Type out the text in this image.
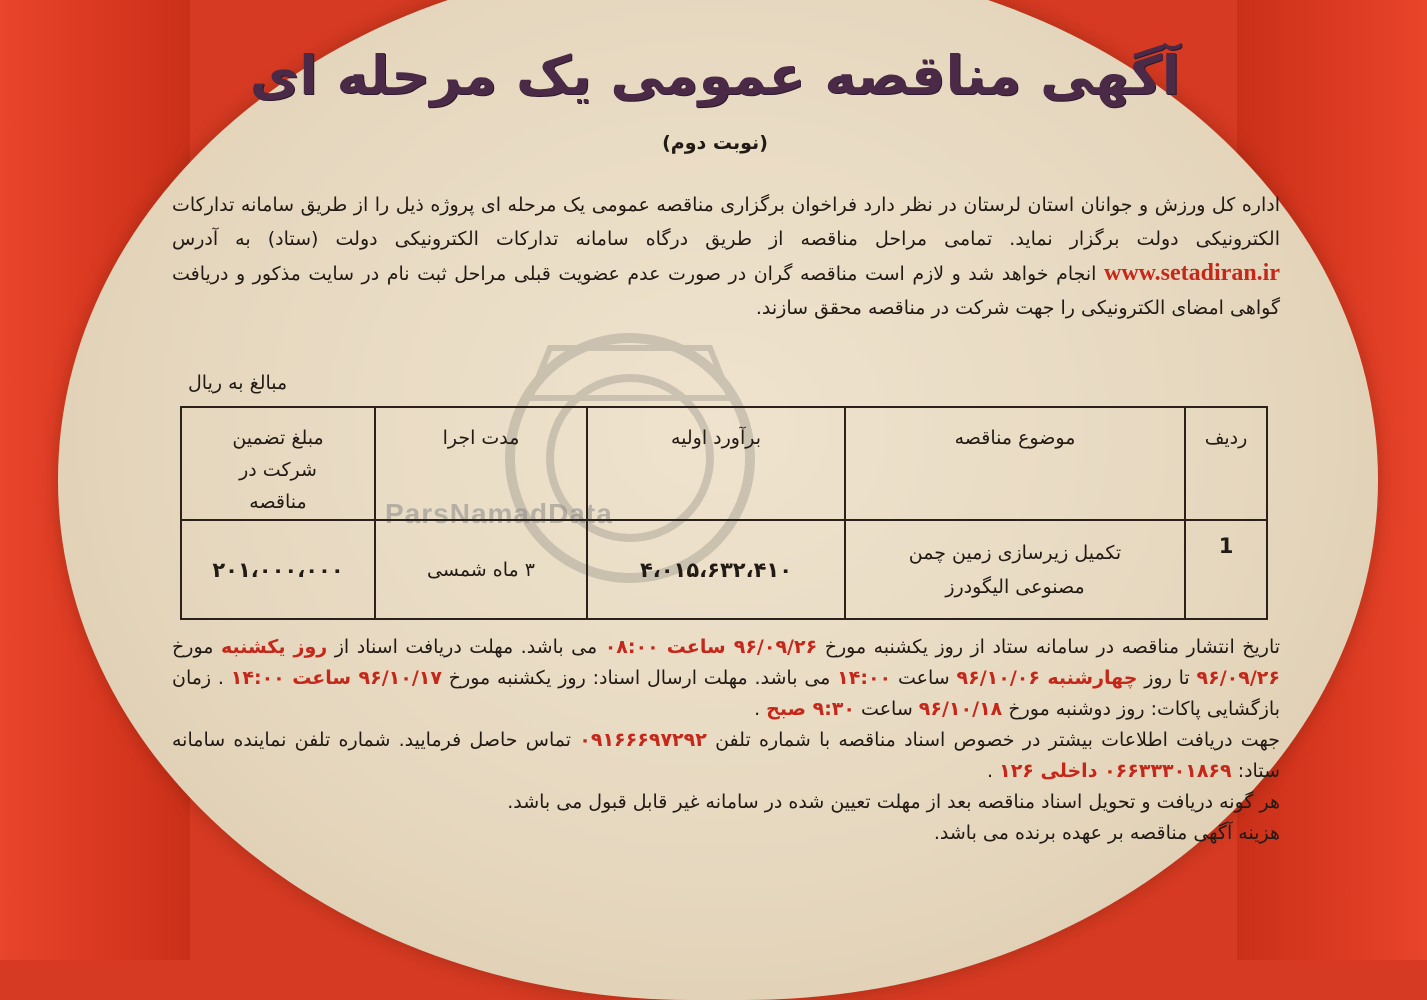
ParsNamadData
آگهی مناقصه عمومی یک مرحله ای
(نوبت دوم)
اداره کل ورزش و جوانان استان لرستان در نظر دارد فراخوان برگزاری مناقصه عمومی یک مرحله ای پروژه ذیل را از طریق سامانه تدارکات الکترونیکی دولت برگزار نماید. تمامی مراحل مناقصه از طریق درگاه سامانه تدارکات الکترونیکی دولت (ستاد) به آدرس www.setadiran.ir انجام خواهد شد و لازم است مناقصه گران در صورت عدم عضویت قبلی مراحل ثبت نام در سایت مذکور و دریافت گواهی امضای الکترونیکی را جهت شرکت در مناقصه محقق سازند.
مبالغ به ریال
ردیف	موضوع مناقصه	برآورد اولیه	مدت اجرا	مبلغ تضمین شرکت در مناقصه
1	تکمیل زیرسازی زمین چمن مصنوعی الیگودرز	۴،۰۱۵،۶۳۲،۴۱۰	۳ ماه شمسی	۲۰۱،۰۰۰،۰۰۰
تاریخ انتشار مناقصه در سامانه ستاد از روز یکشنبه مورخ ۹۶/۰۹/۲۶ ساعت ۰۸:۰۰ می باشد. مهلت دریافت اسناد از روز یکشنبه مورخ ۹۶/۰۹/۲۶ تا روز چهارشنبه ۹۶/۱۰/۰۶ ساعت ۱۴:۰۰ می باشد. مهلت ارسال اسناد: روز یکشنبه مورخ ۹۶/۱۰/۱۷ ساعت ۱۴:۰۰ . زمان بازگشایی پاکات: روز دوشنبه مورخ ۹۶/۱۰/۱۸ ساعت ۹:۳۰ صبح .
جهت دریافت اطلاعات بیشتر در خصوص اسناد مناقصه با شماره تلفن ۰۹۱۶۶۶۹۷۲۹۲ تماس حاصل فرمایید. شماره تلفن نماینده سامانه ستاد: ۰۶۶۳۳۳۰۱۸۶۹ داخلی ۱۲۶ .
هر گونه دریافت و تحویل اسناد مناقصه بعد از مهلت تعیین شده در سامانه غیر قابل قبول می باشد.
هزینه آگهی مناقصه بر عهده برنده می باشد.
